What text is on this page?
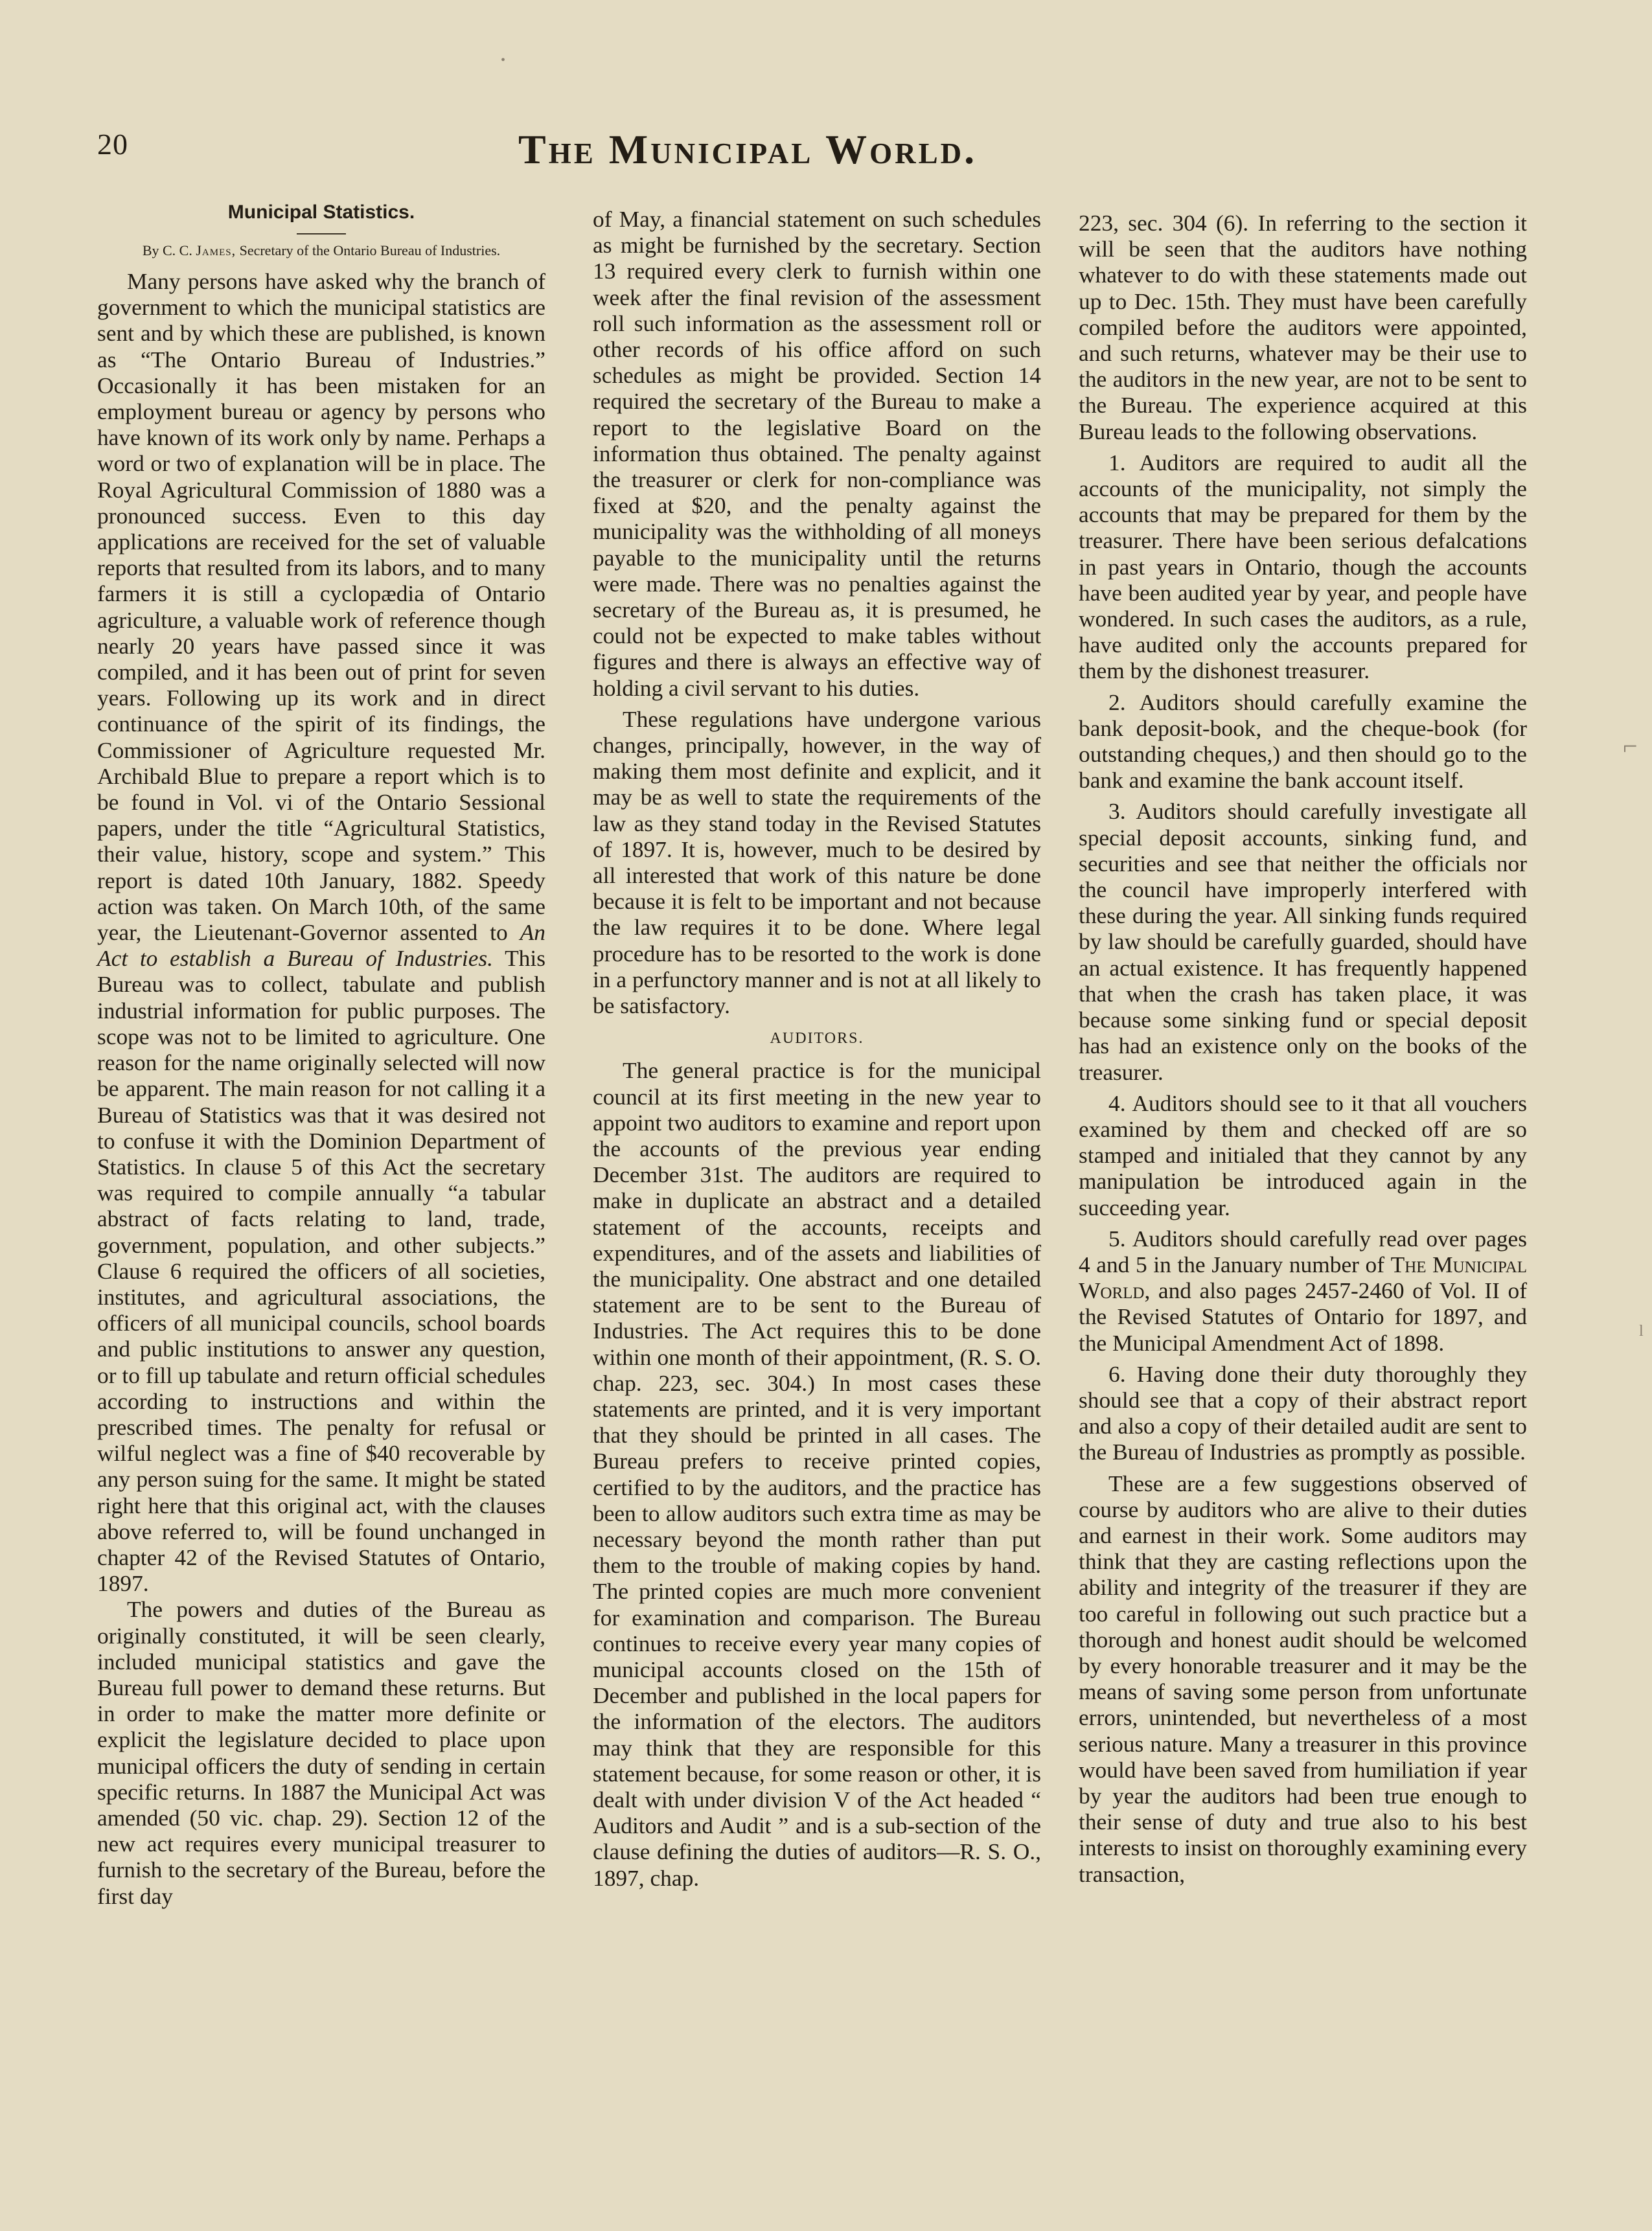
•
⌐
ˡ
20	The Municipal World.
Municipal Statistics.
By C. C. James, Secretary of the Ontario Bureau of Industries.

Many persons have asked why the branch of government to which the municipal statistics are sent and by which these are published, is known as “The Ontario Bureau of Industries.” Occasionally it has been mistaken for an employment bureau or agency by persons who have known of its work only by name. Perhaps a word or two of explanation will be in place. The Royal Agricultural Commission of 1880 was a pronounced success. Even to this day applications are received for the set of valuable reports that resulted from its labors, and to many farmers it is still a cyclopædia of Ontario agriculture, a valuable work of reference though nearly 20 years have passed since it was compiled, and it has been out of print for seven years. Following up its work and in direct continuance of the spirit of its findings, the Commissioner of Agriculture requested Mr. Archibald Blue to prepare a report which is to be found in Vol. vi of the Ontario Sessional papers, under the title “Agricultural Statistics, their value, history, scope and system.” This report is dated 10th January, 1882. Speedy action was taken. On March 10th, of the same year, the Lieutenant-Governor assented to An Act to establish a Bureau of Industries. This Bureau was to collect, tabulate and publish industrial information for public purposes. The scope was not to be limited to agriculture. One reason for the name originally selected will now be apparent. The main reason for not calling it a Bureau of Statistics was that it was desired not to confuse it with the Dominion Department of Statistics. In clause 5 of this Act the secretary was required to compile annually “a tabular abstract of facts relating to land, trade, government, population, and other subjects.” Clause 6 required the officers of all societies, institutes, and agricultural associations, the officers of all municipal councils, school boards and public institutions to answer any question, or to fill up tabulate and return official schedules according to instructions and within the prescribed times. The penalty for refusal or wilful neglect was a fine of $40 recoverable by any person suing for the same. It might be stated right here that this original act, with the clauses above referred to, will be found unchanged in chapter 42 of the Revised Statutes of Ontario, 1897.

The powers and duties of the Bureau as originally constituted, it will be seen clearly, included municipal statistics and gave the Bureau full power to demand these returns. But in order to make the matter more definite or explicit the legislature decided to place upon municipal officers the duty of sending in certain specific returns. In 1887 the Municipal Act was amended (50 vic. chap. 29). Section 12 of the new act requires every municipal treasurer to furnish to the secretary of the Bureau, before the first day

of May, a financial statement on such schedules as might be furnished by the secretary. Section 13 required every clerk to furnish within one week after the final revision of the assessment roll such information as the assessment roll or other records of his office afford on such schedules as might be provided. Section 14 required the secretary of the Bureau to make a report to the legislative Board on the information thus obtained. The penalty against the treasurer or clerk for non-compliance was fixed at $20, and the penalty against the municipality was the withholding of all moneys payable to the municipality until the returns were made. There was no penalties against the secretary of the Bureau as, it is presumed, he could not be expected to make tables without figures and there is always an effective way of holding a civil servant to his duties.

These regulations have undergone various changes, principally, however, in the way of making them most definite and explicit, and it may be as well to state the requirements of the law as they stand today in the Revised Statutes of 1897. It is, however, much to be desired by all interested that work of this nature be done because it is felt to be important and not because the law requires it to be done. Where legal procedure has to be resorted to the work is done in a perfunctory manner and is not at all likely to be satisfactory.

AUDITORS.

The general practice is for the municipal council at its first meeting in the new year to appoint two auditors to examine and report upon the accounts of the previous year ending December 31st. The auditors are required to make in duplicate an abstract and a detailed statement of the accounts, receipts and expenditures, and of the assets and liabilities of the municipality. One abstract and one detailed statement are to be sent to the Bureau of Industries. The Act requires this to be done within one month of their appointment, (R. S. O. chap. 223, sec. 304.) In most cases these statements are printed, and it is very important that they should be printed in all cases. The Bureau prefers to receive printed copies, certified to by the auditors, and the practice has been to allow auditors such extra time as may be necessary beyond the month rather than put them to the trouble of making copies by hand. The printed copies are much more convenient for examination and comparison. The Bureau continues to receive every year many copies of municipal accounts closed on the 15th of December and published in the local papers for the information of the electors. The auditors may think that they are responsible for this statement because, for some reason or other, it is dealt with under division V of the Act headed “ Auditors and Audit ” and is a sub-section of the clause defining the duties of auditors—R. S. O., 1897, chap.

223, sec. 304 (6). In referring to the section it will be seen that the auditors have nothing whatever to do with these statements made out up to Dec. 15th. They must have been carefully compiled before the auditors were appointed, and such returns, whatever may be their use to the auditors in the new year, are not to be sent to the Bureau. The experience acquired at this Bureau leads to the following observations.

1. Auditors are required to audit all the accounts of the municipality, not simply the accounts that may be prepared for them by the treasurer. There have been serious defalcations in past years in Ontario, though the accounts have been audited year by year, and people have wondered. In such cases the auditors, as a rule, have audited only the accounts prepared for them by the dishonest treasurer.

2. Auditors should carefully examine the bank deposit-book, and the cheque-book (for outstanding cheques,) and then should go to the bank and examine the bank account itself.

3. Auditors should carefully investigate all special deposit accounts, sinking fund, and securities and see that neither the officials nor the council have improperly interfered with these during the year. All sinking funds required by law should be carefully guarded, should have an actual existence. It has frequently happened that when the crash has taken place, it was because some sinking fund or special deposit has had an existence only on the books of the treasurer.

4. Auditors should see to it that all vouchers examined by them and checked off are so stamped and initialed that they cannot by any manipulation be introduced again in the succeeding year.

5. Auditors should carefully read over pages 4 and 5 in the January number of The Municipal World, and also pages 2457-2460 of Vol. II of the Revised Statutes of Ontario for 1897, and the Municipal Amendment Act of 1898.

6. Having done their duty thoroughly they should see that a copy of their abstract report and also a copy of their detailed audit are sent to the Bureau of Industries as promptly as possible.

These are a few suggestions observed of course by auditors who are alive to their duties and earnest in their work. Some auditors may think that they are casting reflections upon the ability and integrity of the treasurer if they are too careful in following out such practice but a thorough and honest audit should be welcomed by every honorable treasurer and it may be the means of saving some person from unfortunate errors, unintended, but nevertheless of a most serious nature. Many a treasurer in this province would have been saved from humiliation if year by year the auditors had been true enough to their sense of duty and true also to his best interests to insist on thoroughly examining every transaction,
